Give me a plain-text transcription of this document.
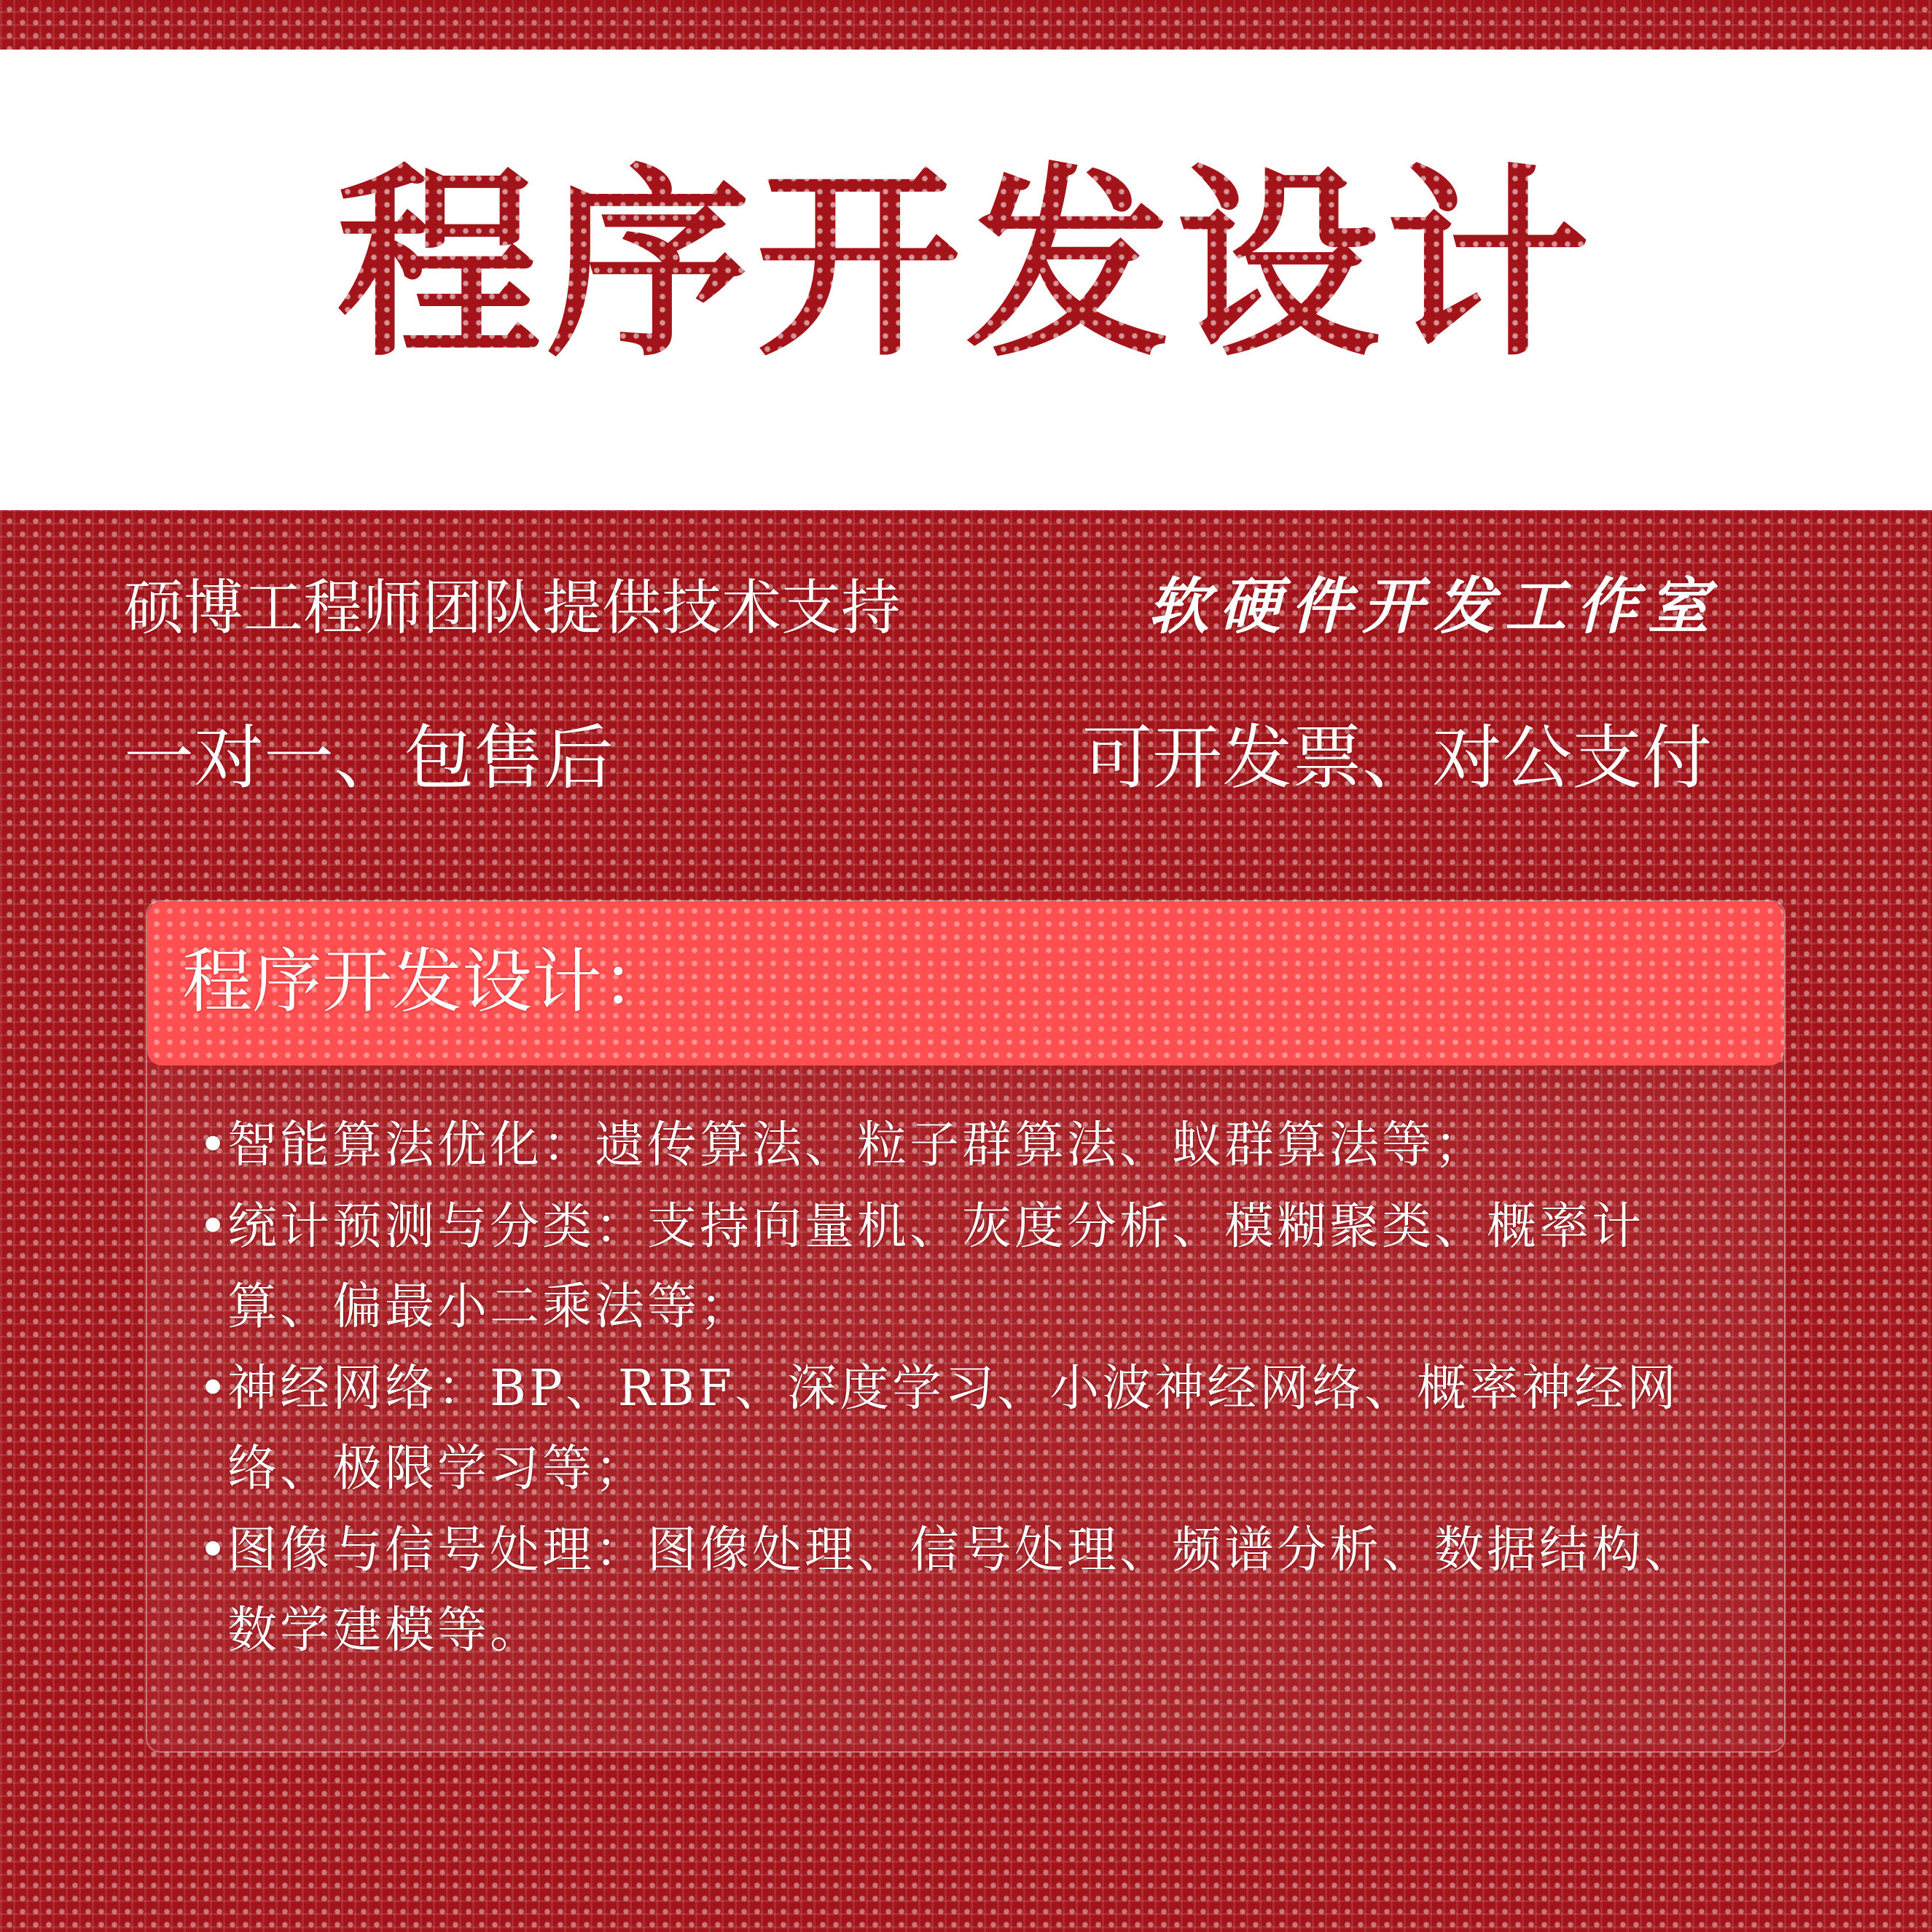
程序开发设计
硕博工程师团队提供技术支持	软硬件开发工作室
一对一、包售后	可开发票、对公支付
程序开发设计：
•
智能算法优化：遗传算法、粒子群算法、蚁群算法等；
•
统计预测与分类：支持向量机、灰度分析、模糊聚类、概率计算、偏最小二乘法等；
•
神经网络：BP、RBF、深度学习、小波神经网络、概率神经网络、极限学习等；
•
图像与信号处理：图像处理、信号处理、频谱分析、数据结构、数学建模等。
